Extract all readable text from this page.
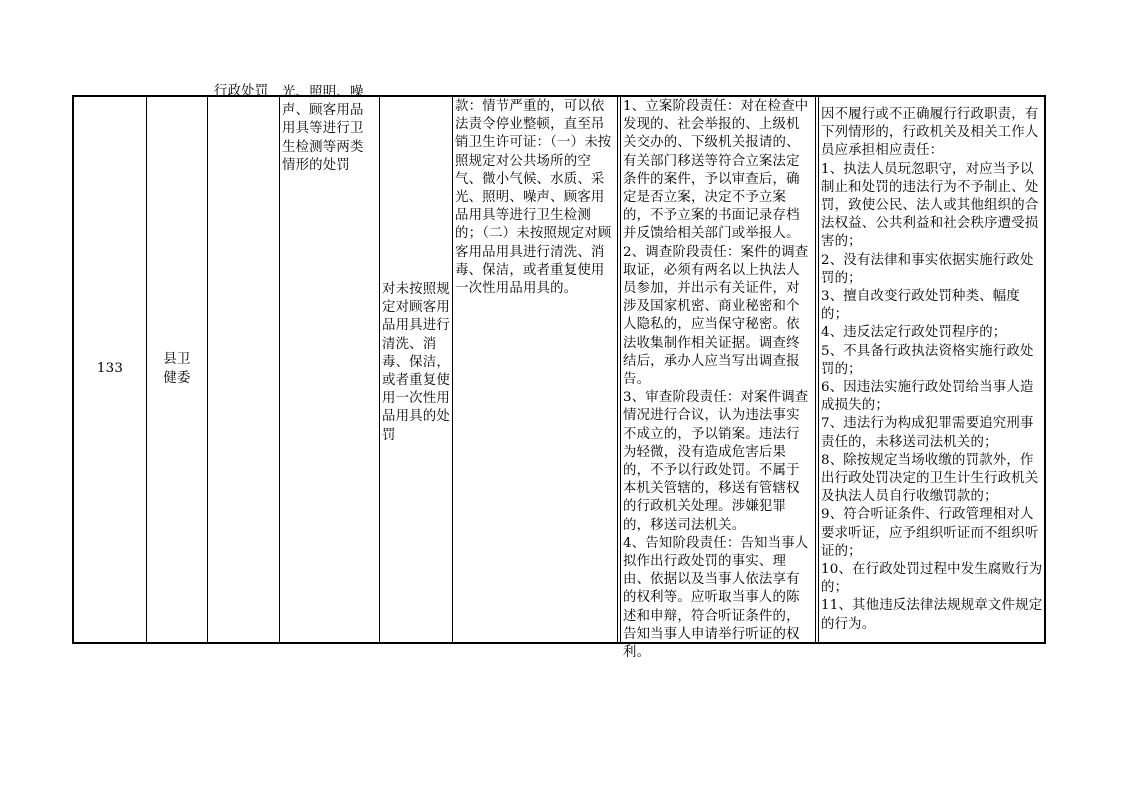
133
县卫健委
行政处罚	光、照明、噪声、顾客用品用具等进行卫生检测等两类情形的处罚
对未按照规定对顾客用品用具进行清洗、消毒、保洁，或者重复使用一次性用品用具的处罚
款：情节严重的，可以依法责令停业整顿，直至吊销卫生许可证：（一）未按照规定对公共场所的空气、微小气候、水质、采光、照明、噪声、顾客用品用具等进行卫生检测的；（二）未按照规定对顾客用品用具进行清洗、消毒、保洁，或者重复使用一次性用品用具的。
1、立案阶段责任：对在检查中发现的、社会举报的、上级机关交办的、下级机关报请的、有关部门移送等符合立案法定条件的案件，予以审查后，确定是否立案，决定不予立案的，不予立案的书面记录存档并反馈给相关部门或举报人。
2、调查阶段责任：案件的调查取证，必须有两名以上执法人员参加，并出示有关证件，对涉及国家机密、商业秘密和个人隐私的，应当保守秘密。依法收集制作相关证据。调查终结后，承办人应当写出调查报告。
3、审查阶段责任：对案件调查情况进行合议，认为违法事实不成立的，予以销案。违法行为轻微，没有造成危害后果的，不予以行政处罚。不属于本机关管辖的，移送有管辖权的行政机关处理。涉嫌犯罪的，移送司法机关。
4、告知阶段责任：告知当事人拟作出行政处罚的事实、理由、依据以及当事人依法享有的权利等。应听取当事人的陈述和申辩，符合听证条件的，告知当事人申请举行听证的权利。
因不履行或不正确履行行政职责，有下列情形的，行政机关及相关工作人员应承担相应责任：
1、执法人员玩忽职守，对应当予以制止和处罚的违法行为不予制止、处罚，致使公民、法人或其他组织的合法权益、公共利益和社会秩序遭受损害的；
2、没有法律和事实依据实施行政处罚的；
3、擅自改变行政处罚种类、幅度的；
4、违反法定行政处罚程序的；
5、不具备行政执法资格实施行政处罚的；
6、因违法实施行政处罚给当事人造成损失的；
7、违法行为构成犯罪需要追究刑事责任的，未移送司法机关的；
8、除按规定当场收缴的罚款外，作出行政处罚决定的卫生计生行政机关及执法人员自行收缴罚款的；
9、符合听证条件、行政管理相对人要求听证，应予组织听证而不组织听证的；
10、在行政处罚过程中发生腐败行为的；
11、其他违反法律法规规章文件规定的行为。
